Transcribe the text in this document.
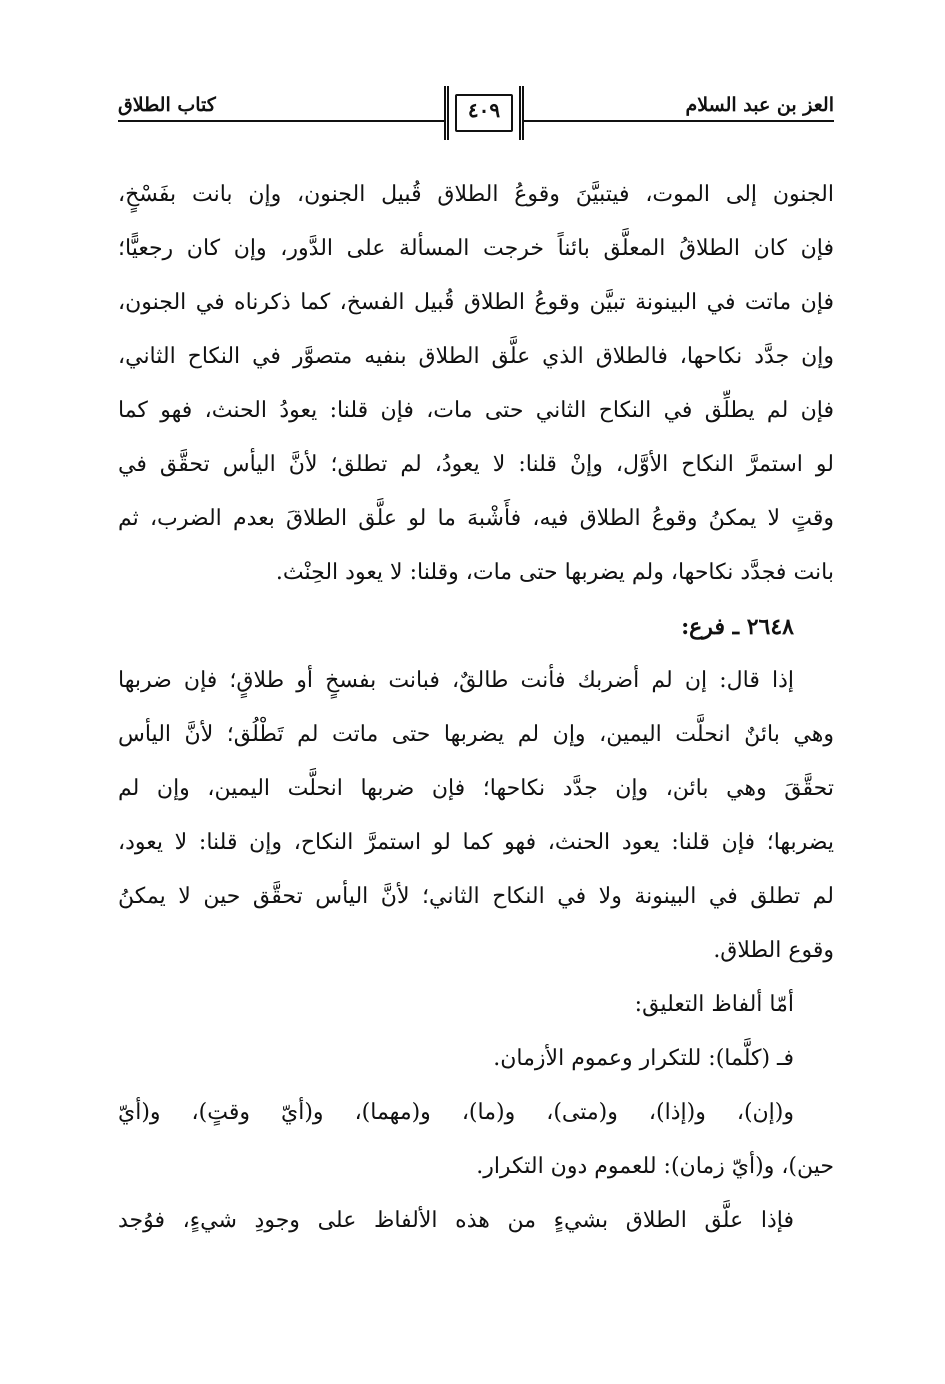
كتاب الطلاق	٤٠٩	العز بن عبد السلام
الجنون إلى الموت، فيتبيَّنَ وقوعُ الطلاق قُبيل الجنون، وإن بانت بفَسْخٍ،
فإن كان الطلاقُ المعلَّق بائناً خرجت المسألة على الدَّور، وإن كان رجعيًّا؛
فإن ماتت في البينونة تبيَّن وقوعُ الطلاق قُبيل الفسخ، كما ذكرناه في الجنون،
وإن جدَّد نكاحها، فالطلاق الذي علَّق الطلاق بنفيه متصوَّر في النكاح الثاني،
فإن لم يطلِّق في النكاح الثاني حتى مات، فإن قلنا: يعودُ الحنث، فهو كما
لو استمرَّ النكاح الأوَّل، وإنْ قلنا: لا يعودُ، لم تطلق؛ لأنَّ اليأس تحقَّق في
وقتٍ لا يمكنُ وقوعُ الطلاق فيه، فأَشْبهَ ما لو علَّق الطلاقَ بعدم الضرب، ثم
بانت فجدَّد نكاحها، ولم يضربها حتى مات، وقلنا: لا يعود الحِنْث.
٢٦٤٨ ـ فرع:
إذا قال: إن لم أضربك فأنت طالقٌ، فبانت بفسخٍ أو طلاقٍ؛ فإن ضربها
وهي بائنٌ انحلَّت اليمين، وإن لم يضربها حتى ماتت لم تَطْلُق؛ لأنَّ اليأس
تحقَّقَ وهي بائن، وإن جدَّد نكاحها؛ فإن ضربها انحلَّت اليمين، وإن لم
يضربها؛ فإن قلنا: يعود الحنث، فهو كما لو استمرَّ النكاح، وإن قلنا: لا يعود،
لم تطلق في البينونة ولا في النكاح الثاني؛ لأنَّ اليأس تحقَّق حين لا يمكنُ
وقوع الطلاق.
أمّا ألفاظ التعليق:
فـ (كلَّما): للتكرار وعموم الأزمان.
و(إن)، و(إذا)، و(متى)، و(ما)، و(مهما)، و(أيّ وقتٍ)، و(أيّ
حين)، و(أيّ زمان): للعموم دون التكرار.
فإذا علَّق الطلاق بشيءٍ من هذه الألفاظ على وجودِ شيءٍ، فوُجد
